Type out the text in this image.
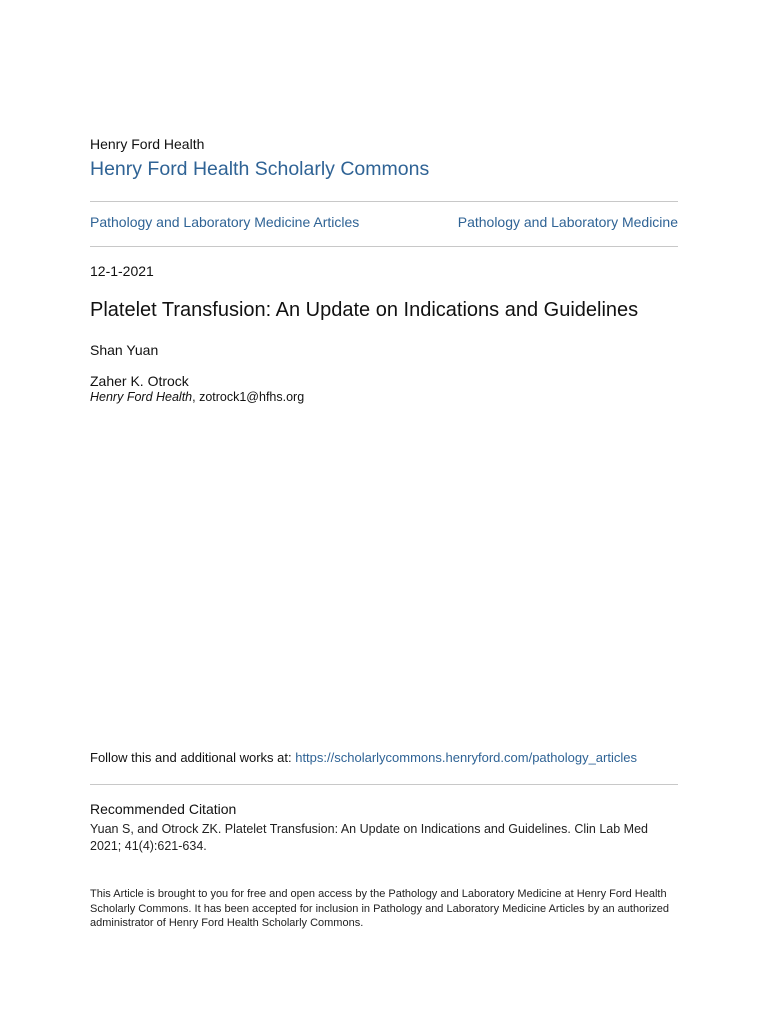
Henry Ford Health
Henry Ford Health Scholarly Commons
Pathology and Laboratory Medicine Articles	Pathology and Laboratory Medicine
12-1-2021
Platelet Transfusion: An Update on Indications and Guidelines
Shan Yuan
Zaher K. Otrock
Henry Ford Health, zotrock1@hfhs.org
Follow this and additional works at: https://scholarlycommons.henryford.com/pathology_articles
Recommended Citation
Yuan S, and Otrock ZK. Platelet Transfusion: An Update on Indications and Guidelines. Clin Lab Med 2021; 41(4):621-634.
This Article is brought to you for free and open access by the Pathology and Laboratory Medicine at Henry Ford Health Scholarly Commons. It has been accepted for inclusion in Pathology and Laboratory Medicine Articles by an authorized administrator of Henry Ford Health Scholarly Commons.
